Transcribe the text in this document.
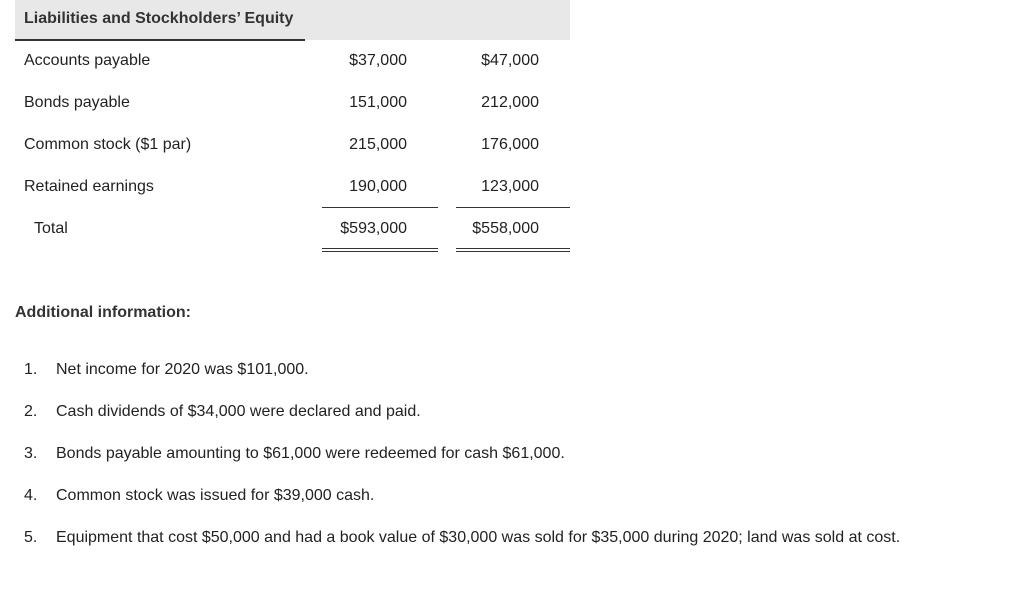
Liabilities and Stockholders’ Equity
Accounts payable	$37,000	$47,000
Bonds payable	151,000	212,000
Common stock ($1 par)	215,000	176,000
Retained earnings	190,000	123,000
Total	$593,000	$558,000
Additional information:
1. Net income for 2020 was $101,000.
2. Cash dividends of $34,000 were declared and paid.
3. Bonds payable amounting to $61,000 were redeemed for cash $61,000.
4. Common stock was issued for $39,000 cash.
5. Equipment that cost $50,000 and had a book value of $30,000 was sold for $35,000 during 2020; land was sold at cost.
